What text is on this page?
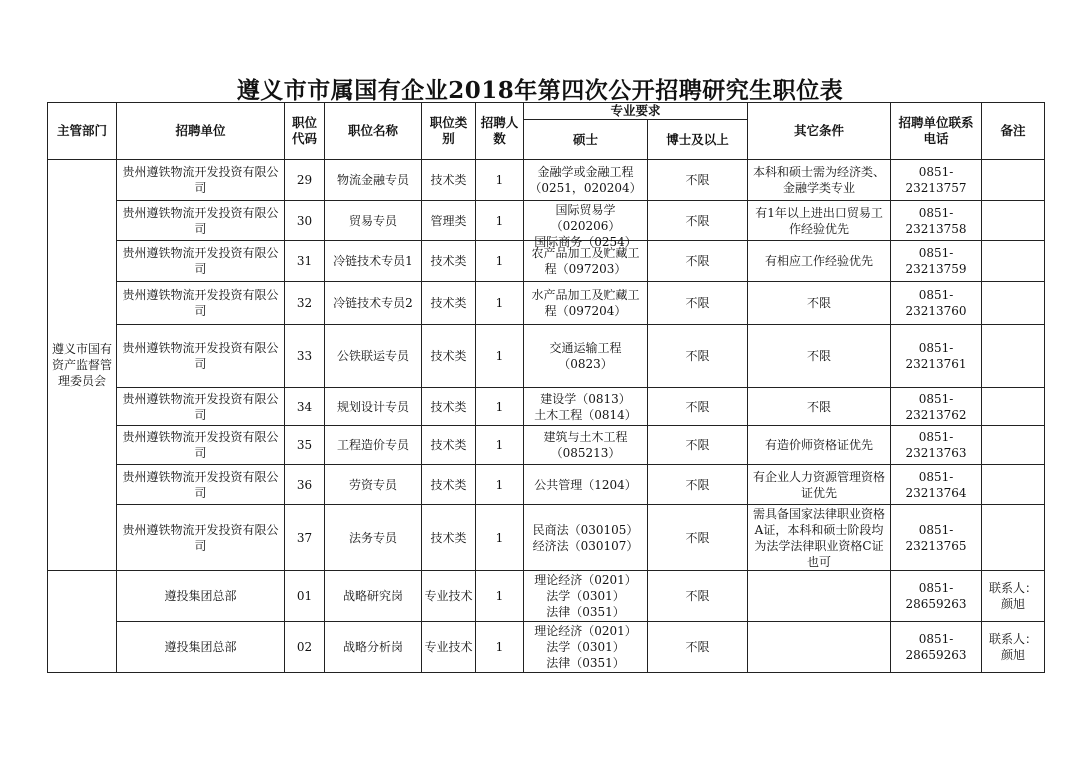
遵义市市属国有企业2018年第四次公开招聘研究生职位表
主管部门	招聘单位	职位代码	职位名称	职位类别	招聘人数	专业要求		其它条件	招聘单位联系电话	备注
						硕士	博士及以上			
遵义市国有资产监督管理委员会	贵州遵铁物流开发投资有限公司	29	物流金融专员	技术类	1	金融学或金融工程
（0251，020204）	不限	本科和硕士需为经济类、金融学类专业	0851-23213757	

	贵州遵铁物流开发投资有限公司	30	贸易专员	管理类	1	国际贸易学
（020206）
国际商务（0254）	不限	有1年以上进出口贸易工作经验优先	0851-23213758	

	贵州遵铁物流开发投资有限公司	31	冷链技术专员1	技术类	1	农产品加工及贮藏工程（097203）	不限	有相应工作经验优先	0851-23213759	

	贵州遵铁物流开发投资有限公司	32	冷链技术专员2	技术类	1	水产品加工及贮藏工程（097204）	不限	不限	0851-23213760	

	贵州遵铁物流开发投资有限公司	33	公铁联运专员	技术类	1	交通运输工程
（0823）	不限	不限	0851-23213761	

	贵州遵铁物流开发投资有限公司	34	规划设计专员	技术类	1	建设学（0813）
土木工程（0814）	不限	不限	0851-23213762	

	贵州遵铁物流开发投资有限公司	35	工程造价专员	技术类	1	建筑与土木工程
（085213）	不限	有造价师资格证优先	0851-23213763	

	贵州遵铁物流开发投资有限公司	36	劳资专员	技术类	1	公共管理（1204）	不限	有企业人力资源管理资格证优先	0851-23213764	

	贵州遵铁物流开发投资有限公司	37	法务专员	技术类	1	民商法（030105）
经济法（030107）	不限	需具备国家法律职业资格A证，本科和硕士阶段均为法学法律职业资格C证也可	0851-23213765	

	遵投集团总部	01	战略研究岗	专业技术	1	理论经济（0201）
法学（0301）
法律（0351）	不限		0851-28659263	联系人：颜旭

	遵投集团总部	02	战略分析岗	专业技术	1	理论经济（0201）
法学（0301）
法律（0351）	不限		0851-28659263	联系人：颜旭
